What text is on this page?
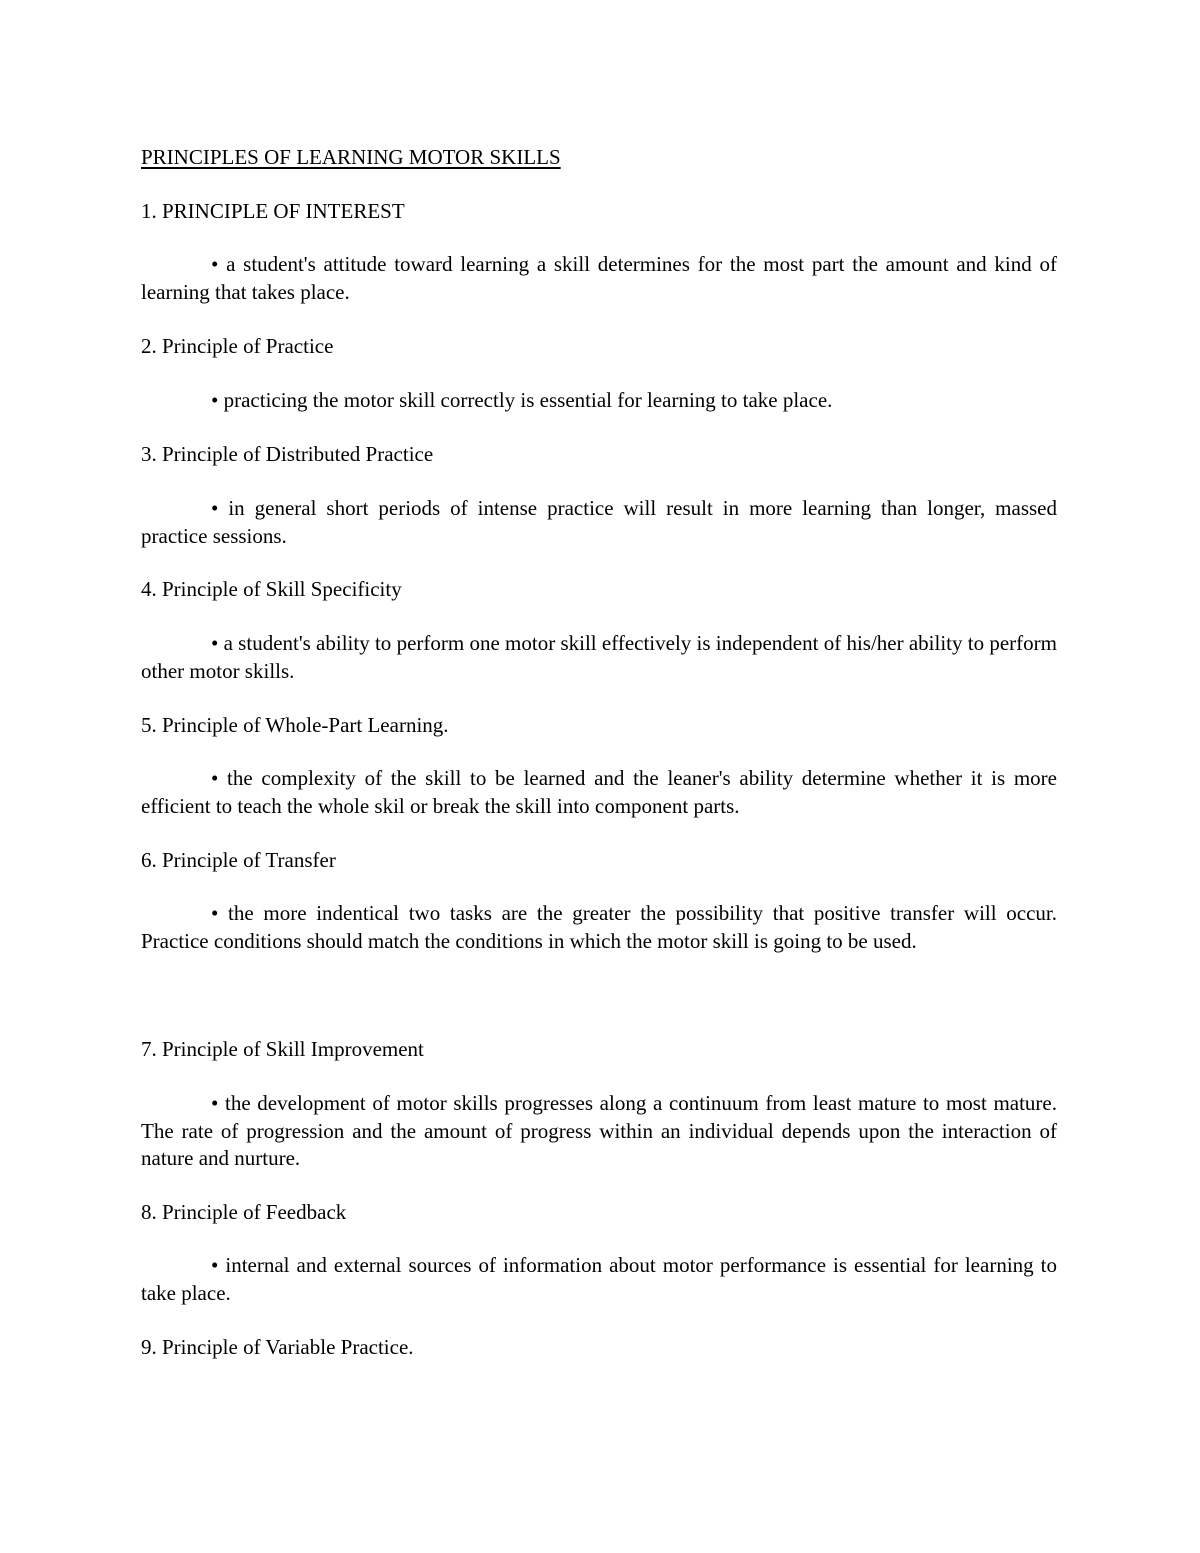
PRINCIPLES OF LEARNING MOTOR SKILLS

1. PRINCIPLE OF INTEREST

• a student's attitude toward learning a skill determines for the most part the amount and kind of learning that takes place.

2. Principle of Practice

• practicing the motor skill correctly is essential for learning to take place.

3. Principle of Distributed Practice

• in general short periods of intense practice will result in more learning than longer, massed practice sessions.

4. Principle of Skill Specificity

• a student's ability to perform one motor skill effectively is independent of his/her ability to perform other motor skills.

5. Principle of Whole-Part Learning.

• the complexity of the skill to be learned and the leaner's ability determine whether it is more efficient to teach the whole skil or break the skill into component parts.

6. Principle of Transfer

• the more indentical two tasks are the greater the possibility that positive transfer will occur. Practice conditions should match the conditions in which the motor skill is going to be used.

7. Principle of Skill Improvement

• the development of motor skills progresses along a continuum from least mature to most mature. The rate of progression and the amount of progress within an individual depends upon the interaction of nature and nurture.

8. Principle of Feedback

• internal and external sources of information about motor performance is essential for learning to take place.

9. Principle of Variable Practice.
